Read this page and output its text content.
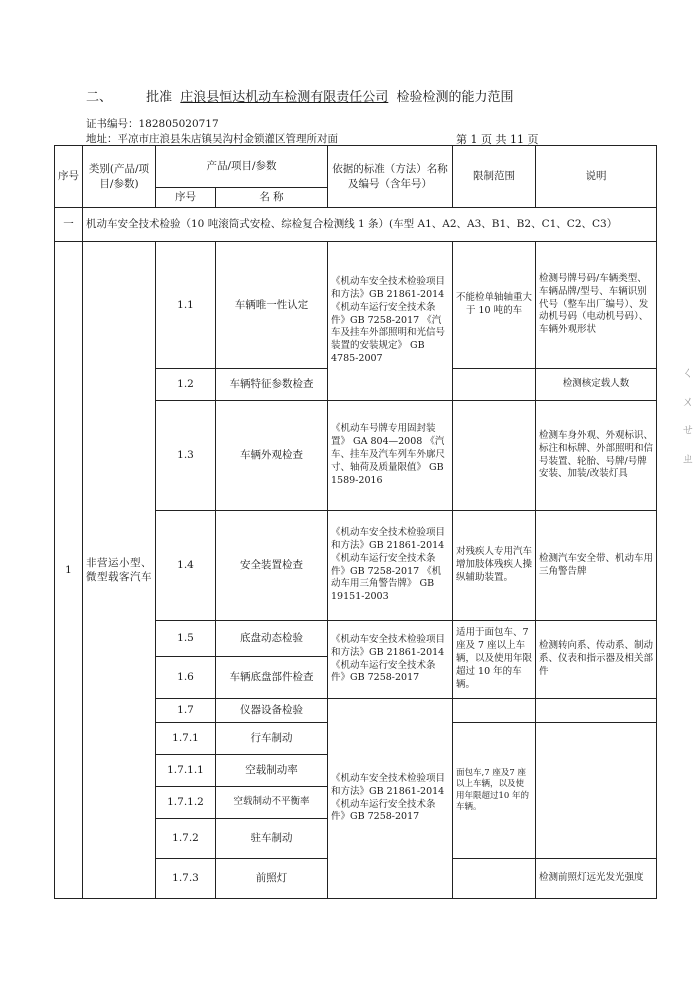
二、	批准 庄浪县恒达机动车检测有限责任公司 检验检测的能力范围
证书编号：182805020717
地址：平凉市庄浪县朱店镇吴沟村金锁灌区管理所对面	第 1 页 共 11 页
序号	类别(产品/项目/参数)	产品/项目/参数		依据的标准（方法）名称及编号（含年号）	限制范围	说明
		序号	名 称			
一	机动车安全技术检验（10 吨滚筒式安检、综检复合检测线 1 条）(车型 A1、A2、A3、B1、B2、C1、C2、C3）					
1	非营运小型、微型载客汽车	1.1	车辆唯一性认定	《机动车安全技术检验项目和方法》GB 21861-2014 《机动车运行安全技术条件》GB 7258-2017 《汽车及挂车外部照明和光信号装置的安装规定》 GB 4785-2007	不能检单轴轴重大于 10 吨的车	检测号牌号码/车辆类型、车辆品牌/型号、车辆识别代号（整车出厂编号）、发动机号码（电动机号码）、车辆外观形状
		1.2	车辆特征参数检查			检测核定载人数
		1.3	车辆外观检查	《机动车号牌专用固封装置》 GA 804—2008 《汽车、挂车及汽车列车外廓尺寸、轴荷及质量限值》 GB 1589-2016		检测车身外观、外观标识、标注和标牌、外部照明和信号装置、轮胎、号牌/号牌安装、加装/改装灯具
		1.4	安全装置检查	《机动车安全技术检验项目和方法》GB 21861-2014 《机动车运行安全技术条件》GB 7258-2017 《机动车用三角警告牌》 GB 19151-2003	对残疾人专用汽车增加肢体残疾人操纵辅助装置。	检测汽车安全带、机动车用三角警告牌
		1.5	底盘动态检验	《机动车安全技术检验项目和方法》GB 21861-2014 《机动车运行安全技术条件》GB 7258-2017	适用于面包车、7 座及 7 座以上车辆，以及使用年限超过 10 年的车辆。	检测转向系、传动系、制动系、仪表和指示器及相关部件
		1.6	车辆底盘部件检查			
		1.7	仪器设备检验	《机动车安全技术检验项目和方法》GB 21861-2014 《机动车运行安全技术条件》GB 7258-2017		
		1.7.1	行车制动		面包车,7 座及7 座以上车辆，以及使用年限超过10 年的车辆。	
		1.7.1.1	空载制动率			
		1.7.1.2	空载制动不平衡率			
		1.7.2	驻车制动			
		1.7.3	前照灯			检测前照灯远光发光强度
ㄑ ㄨ ㄝ ㄓ
